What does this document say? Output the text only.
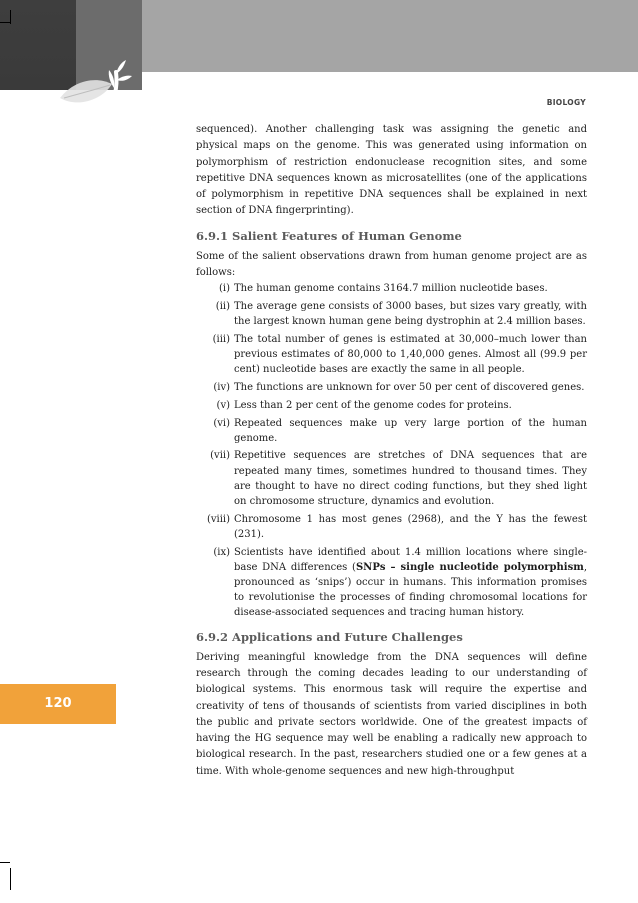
BIOLOGY
120

sequenced). Another challenging task was assigning the genetic and physical maps on the genome. This was generated using information on polymorphism of restriction endonuclease recognition sites, and some repetitive DNA sequences known as microsatellites (one of the applications of polymorphism in repetitive DNA sequences shall be explained in next section of DNA fingerprinting).

6.9.1 Salient Features of Human Genome

Some of the salient observations drawn from human genome project are as follows:

(i) The human genome contains 3164.7 million nucleotide bases.
(ii) The average gene consists of 3000 bases, but sizes vary greatly, with the largest known human gene being dystrophin at 2.4 million bases.
(iii) The total number of genes is estimated at 30,000–much lower than previous estimates of 80,000 to 1,40,000 genes. Almost all (99.9 per cent) nucleotide bases are exactly the same in all people.
(iv) The functions are unknown for over 50 per cent of discovered genes.
(v) Less than 2 per cent of the genome codes for proteins.
(vi) Repeated sequences make up very large portion of the human genome.
(vii) Repetitive sequences are stretches of DNA sequences that are repeated many times, sometimes hundred to thousand times. They are thought to have no direct coding functions, but they shed light on chromosome structure, dynamics and evolution.
(viii) Chromosome 1 has most genes (2968), and the Y has the fewest (231).
(ix) Scientists have identified about 1.4 million locations where single-base DNA differences (SNPs – single nucleotide polymorphism, pronounced as ‘snips’) occur in humans. This information promises to revolutionise the processes of finding chromosomal locations for disease-associated sequences and tracing human history.
6.9.2 Applications and Future Challenges

Deriving meaningful knowledge from the DNA sequences will define research through the coming decades leading to our understanding of biological systems. This enormous task will require the expertise and creativity of tens of thousands of scientists from varied disciplines in both the public and private sectors worldwide. One of the greatest impacts of having the HG sequence may well be enabling a radically new approach to biological research. In the past, researchers studied one or a few genes at a time. With whole-genome sequences and new high-throughput
